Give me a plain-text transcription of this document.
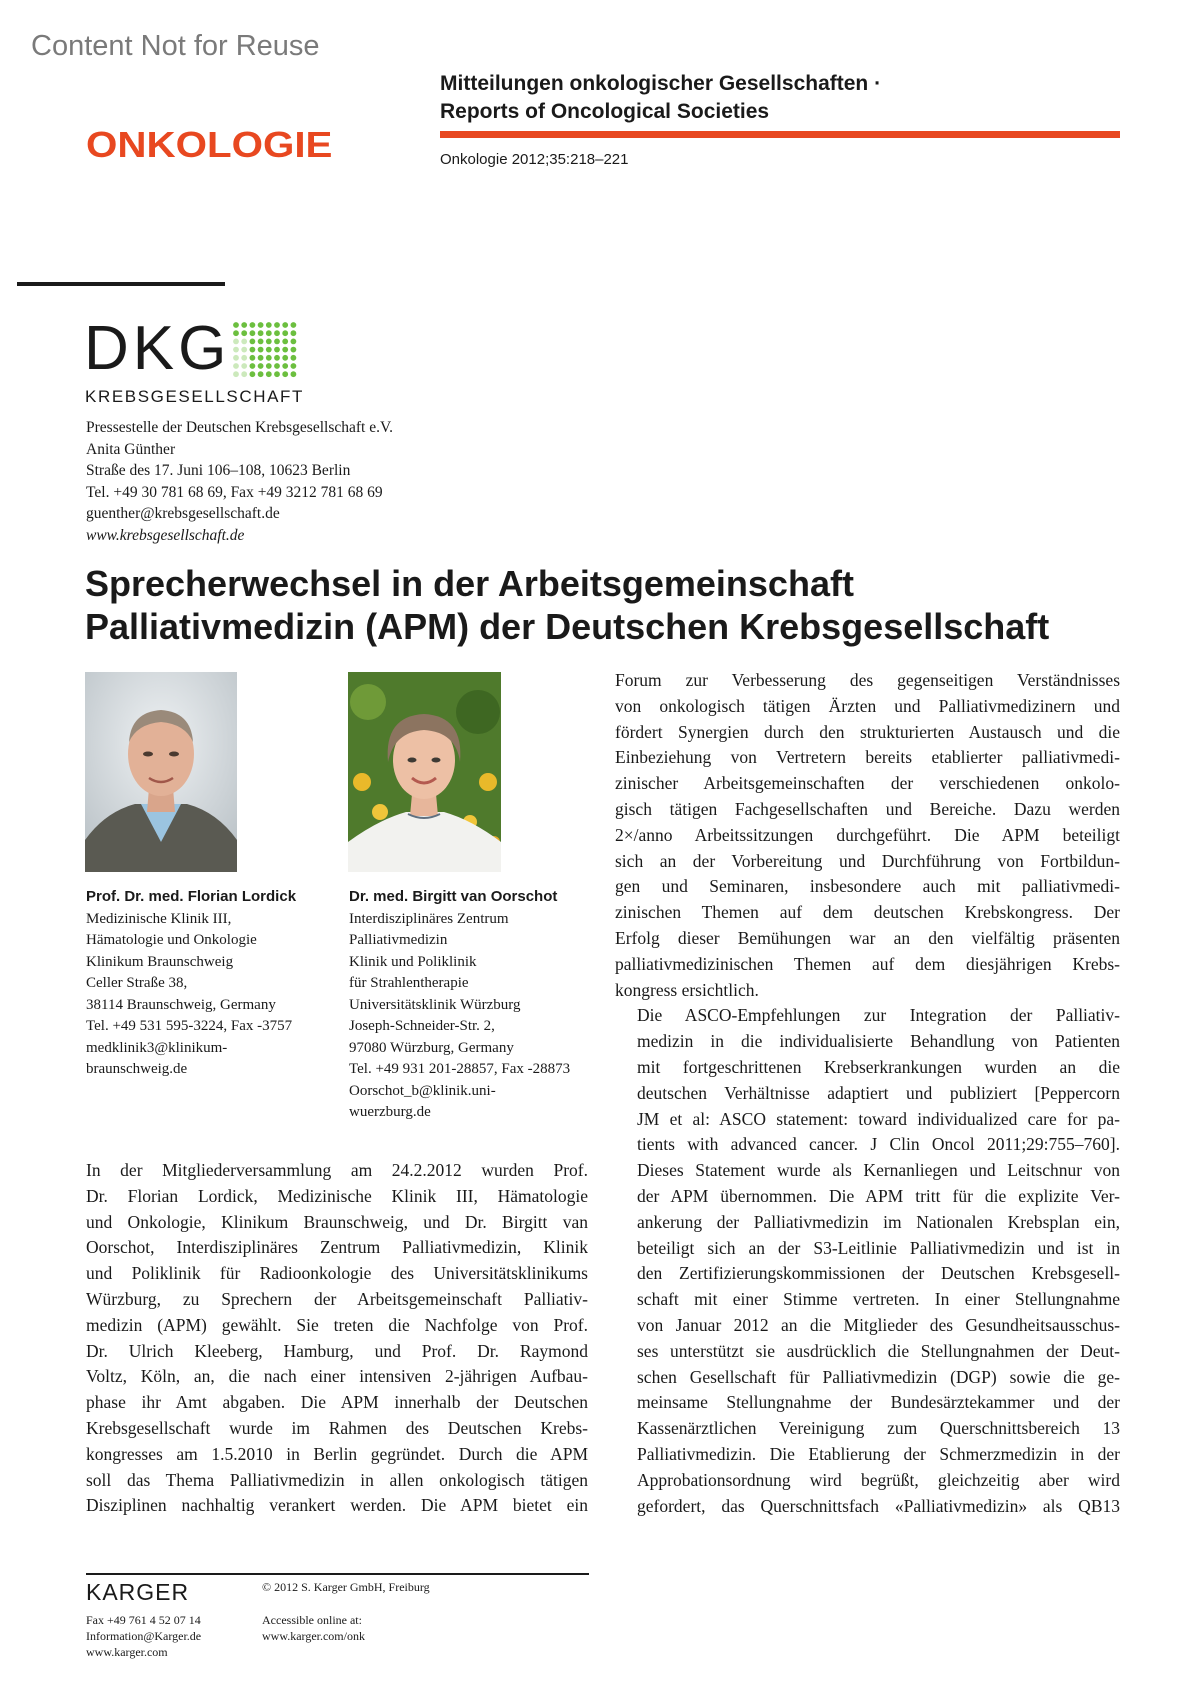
Content Not for Reuse
Mitteilungen onkologischer Gesellschaften ·
Reports of Oncological Societies
ONKOLOGIE	Onkologie 2012;35:218–221
DKG
KREBSGESELLSCHAFT
Pressestelle der Deutschen Krebsgesellschaft e.V.
Anita Günther
Straße des 17. Juni 106–108, 10623 Berlin
Tel. +49 30 781 68 69, Fax +49 3212 781 68 69
guenther@krebsgesellschaft.de
www.krebsgesellschaft.de
Sprecherwechsel in der Arbeitsgemeinschaft
Palliativmedizin (APM) der Deutschen Krebsgesellschaft
Prof. Dr. med. Florian Lordick
Medizinische Klinik III,
Hämatologie und Onkologie
Klinikum Braunschweig
Celler Straße 38,
38114 Braunschweig, Germany
Tel. +49 531 595-3224, Fax -3757
medklinik3@klinikum-
braunschweig.de
Dr. med. Birgitt van Oorschot
Interdisziplinäres Zentrum
Palliativmedizin
Klinik und Poliklinik
für Strahlentherapie
Universitätsklinik Würzburg
Joseph-Schneider-Str. 2,
97080 Würzburg, Germany
Tel. +49 931 201-28857, Fax -28873
Oorschot_b@klinik.uni-
wuerzburg.de

In der Mitgliederversammlung am 24.2.2012 wurden Prof.
Dr. Florian Lordick, Medizinische Klinik III, Hämatologie
und Onkologie, Klinikum Braunschweig, und Dr. Birgitt van
Oorschot, Interdisziplinäres Zentrum Palliativmedizin, Klinik
und Poliklinik für Radioonkologie des Universitätsklinikums
Würzburg, zu Sprechern der Arbeitsgemeinschaft Palliativ-
medizin (APM) gewählt. Sie treten die Nachfolge von Prof.
Dr. Ulrich Kleeberg, Hamburg, und Prof. Dr. Raymond
Voltz, Köln, an, die nach einer intensiven 2-jährigen Aufbau-
phase ihr Amt abgaben. Die APM innerhalb der Deutschen
Krebsgesellschaft wurde im Rahmen des Deutschen Krebs-
kongresses am 1.5.2010 in Berlin gegründet. Durch die APM
soll das Thema Palliativmedizin in allen onkologisch tätigen
Disziplinen nachhaltig verankert werden. Die APM bietet ein

Forum zur Verbesserung des gegenseitigen Verständnisses
von onkologisch tätigen Ärzten und Palliativmedizinern und
fördert Synergien durch den strukturierten Austausch und die
Einbeziehung von Vertretern bereits etablierter palliativmedi-
zinischer Arbeitsgemeinschaften der verschiedenen onkolo-
gisch tätigen Fachgesellschaften und Bereiche. Dazu werden
2×/anno Arbeitssitzungen durchgeführt. Die APM beteiligt
sich an der Vorbereitung und Durchführung von Fortbildun-
gen und Seminaren, insbesondere auch mit palliativmedi-
zinischen Themen auf dem deutschen Krebskongress. Der
Erfolg dieser Bemühungen war an den vielfältig präsenten
palliativmedizinischen Themen auf dem diesjährigen Krebs-
kongress ersichtlich.

Die ASCO-Empfehlungen zur Integration der Palliativ-
medizin in die individualisierte Behandlung von Patienten
mit fortgeschrittenen Krebserkrankungen wurden an die
deutschen Verhältnisse adaptiert und publiziert [Peppercorn
JM et al: ASCO statement: toward individualized care for pa-
tients with advanced cancer. J Clin Oncol 2011;29:755–760].
Dieses Statement wurde als Kernanliegen und Leitschnur von
der APM übernommen. Die APM tritt für die explizite Ver-
ankerung der Palliativmedizin im Nationalen Krebsplan ein,
beteiligt sich an der S3-Leitlinie Palliativmedizin und ist in
den Zertifizierungskommissionen der Deutschen Krebsgesell-
schaft mit einer Stimme vertreten. In einer Stellungnahme
von Januar 2012 an die Mitglieder des Gesundheitsausschus-
ses unterstützt sie ausdrücklich die Stellungnahmen der Deut-
schen Gesellschaft für Palliativmedizin (DGP) sowie die ge-
meinsame Stellungnahme der Bundesärztekammer und der
Kassenärztlichen Vereinigung zum Querschnittsbereich 13
Palliativmedizin. Die Etablierung der Schmerzmedizin in der
Approbationsordnung wird begrüßt, gleichzeitig aber wird
gefordert, das Querschnittsfach «Palliativmedizin» als QB13

KARGER	© 2012 S. Karger GmbH, Freiburg
Fax +49 761 4 52 07 14
Information@Karger.de
www.karger.com
Accessible online at:
www.karger.com/onk
